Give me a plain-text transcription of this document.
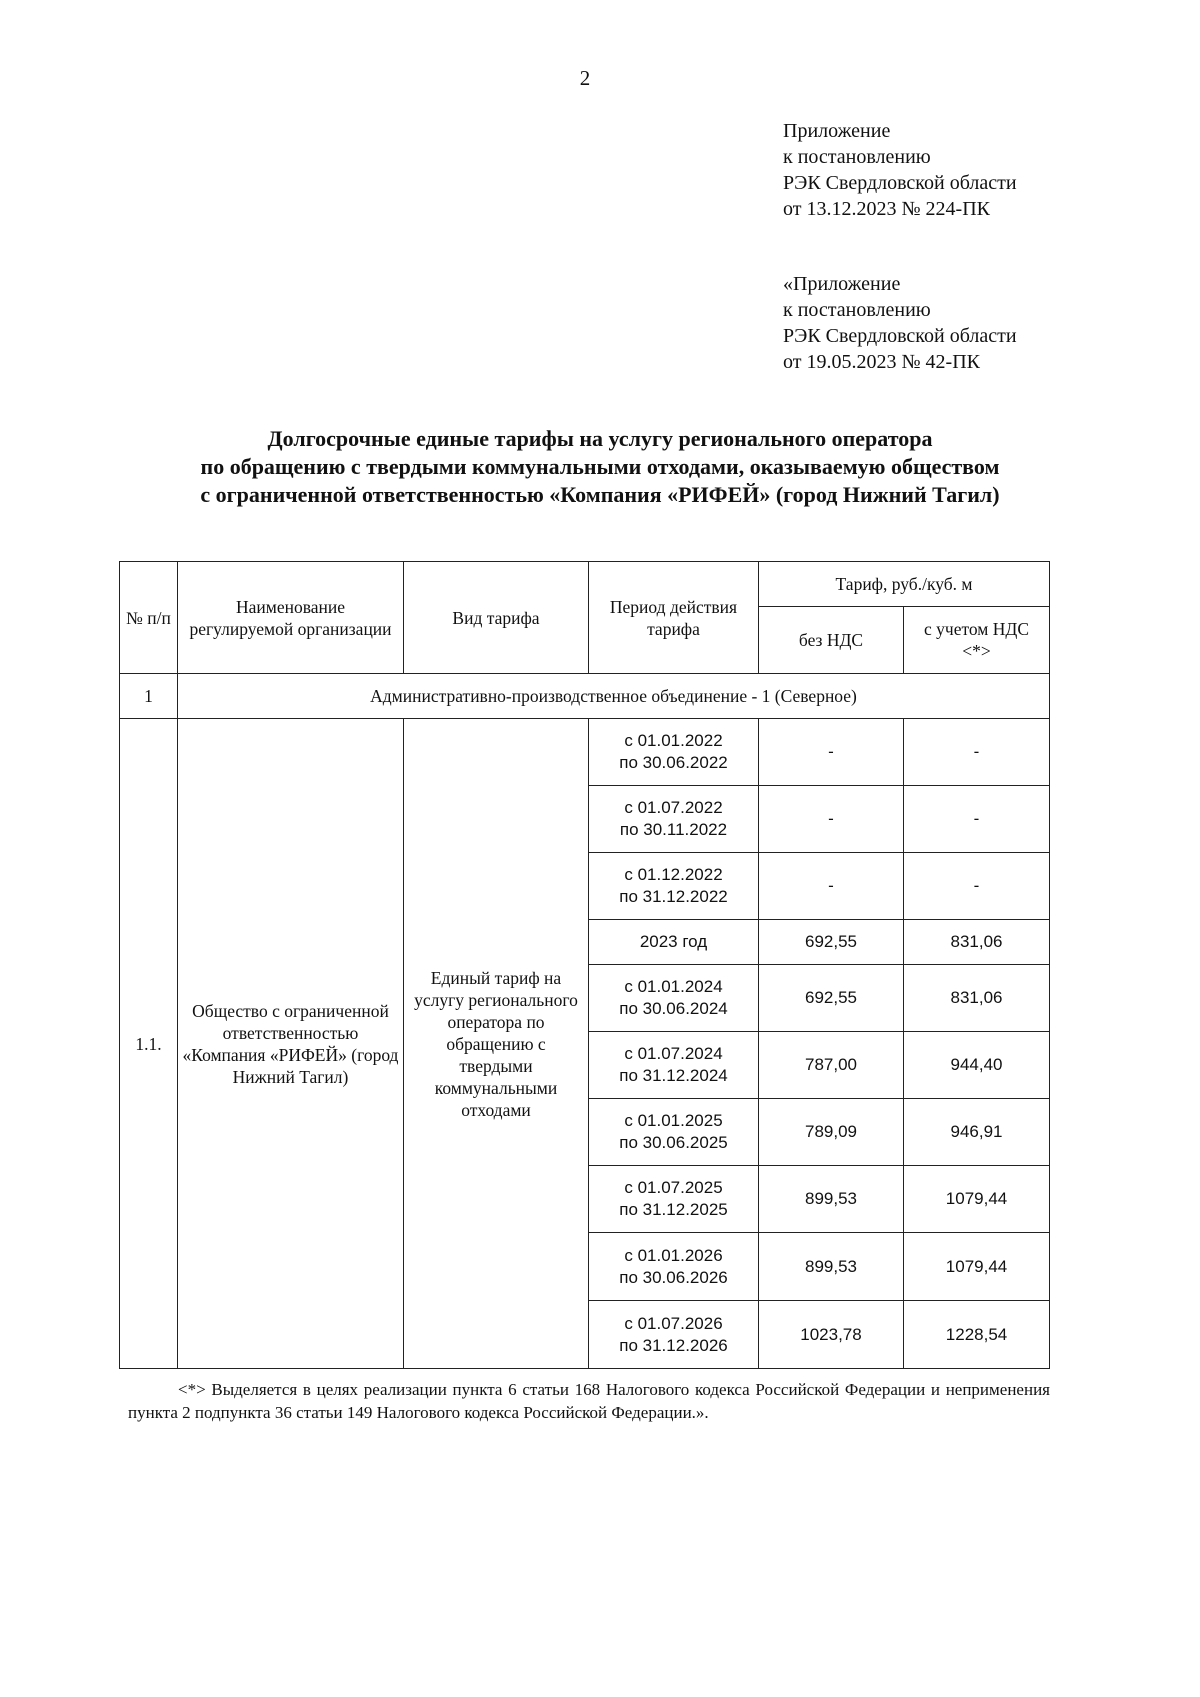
2
Приложение
к постановлению
РЭК Свердловской области
от 13.12.2023 № 224-ПК
«Приложение
к постановлению
РЭК Свердловской области
от 19.05.2023 № 42-ПК
Долгосрочные единые тарифы на услугу регионального оператора
по обращению с твердыми коммунальными отходами, оказываемую обществом
с ограниченной ответственностью «Компания «РИФЕЙ» (город Нижний Тагил)
№ п/п	Наименование регулируемой организации	Вид тарифа	Период действия тарифа	Тариф, руб./куб. м	
				без НДС	с учетом НДС <*>
1	Административно-производственное объединение - 1 (Северное)				
1.1.	Общество с ограниченной ответственностью «Компания «РИФЕЙ» (город Нижний Тагил)	Единый тариф на услугу регионального оператора по обращению с твердыми коммунальными отходами	с 01.01.2022
по 30.06.2022	-	-
			с 01.07.2022
по 30.11.2022	-	-
			с 01.12.2022
по 31.12.2022	-	-
			2023 год	692,55	831,06
			с 01.01.2024
по 30.06.2024	692,55	831,06
			с 01.07.2024
по 31.12.2024	787,00	944,40
			с 01.01.2025
по 30.06.2025	789,09	946,91
			с 01.07.2025
по 31.12.2025	899,53	1079,44
			с 01.01.2026
по 30.06.2026	899,53	1079,44
			с 01.07.2026
по 31.12.2026	1023,78	1228,54
<*> Выделяется в целях реализации пункта 6 статьи 168 Налогового кодекса Российской Федерации и неприменения пункта 2 подпункта 36 статьи 149 Налогового кодекса Российской Федерации.».
